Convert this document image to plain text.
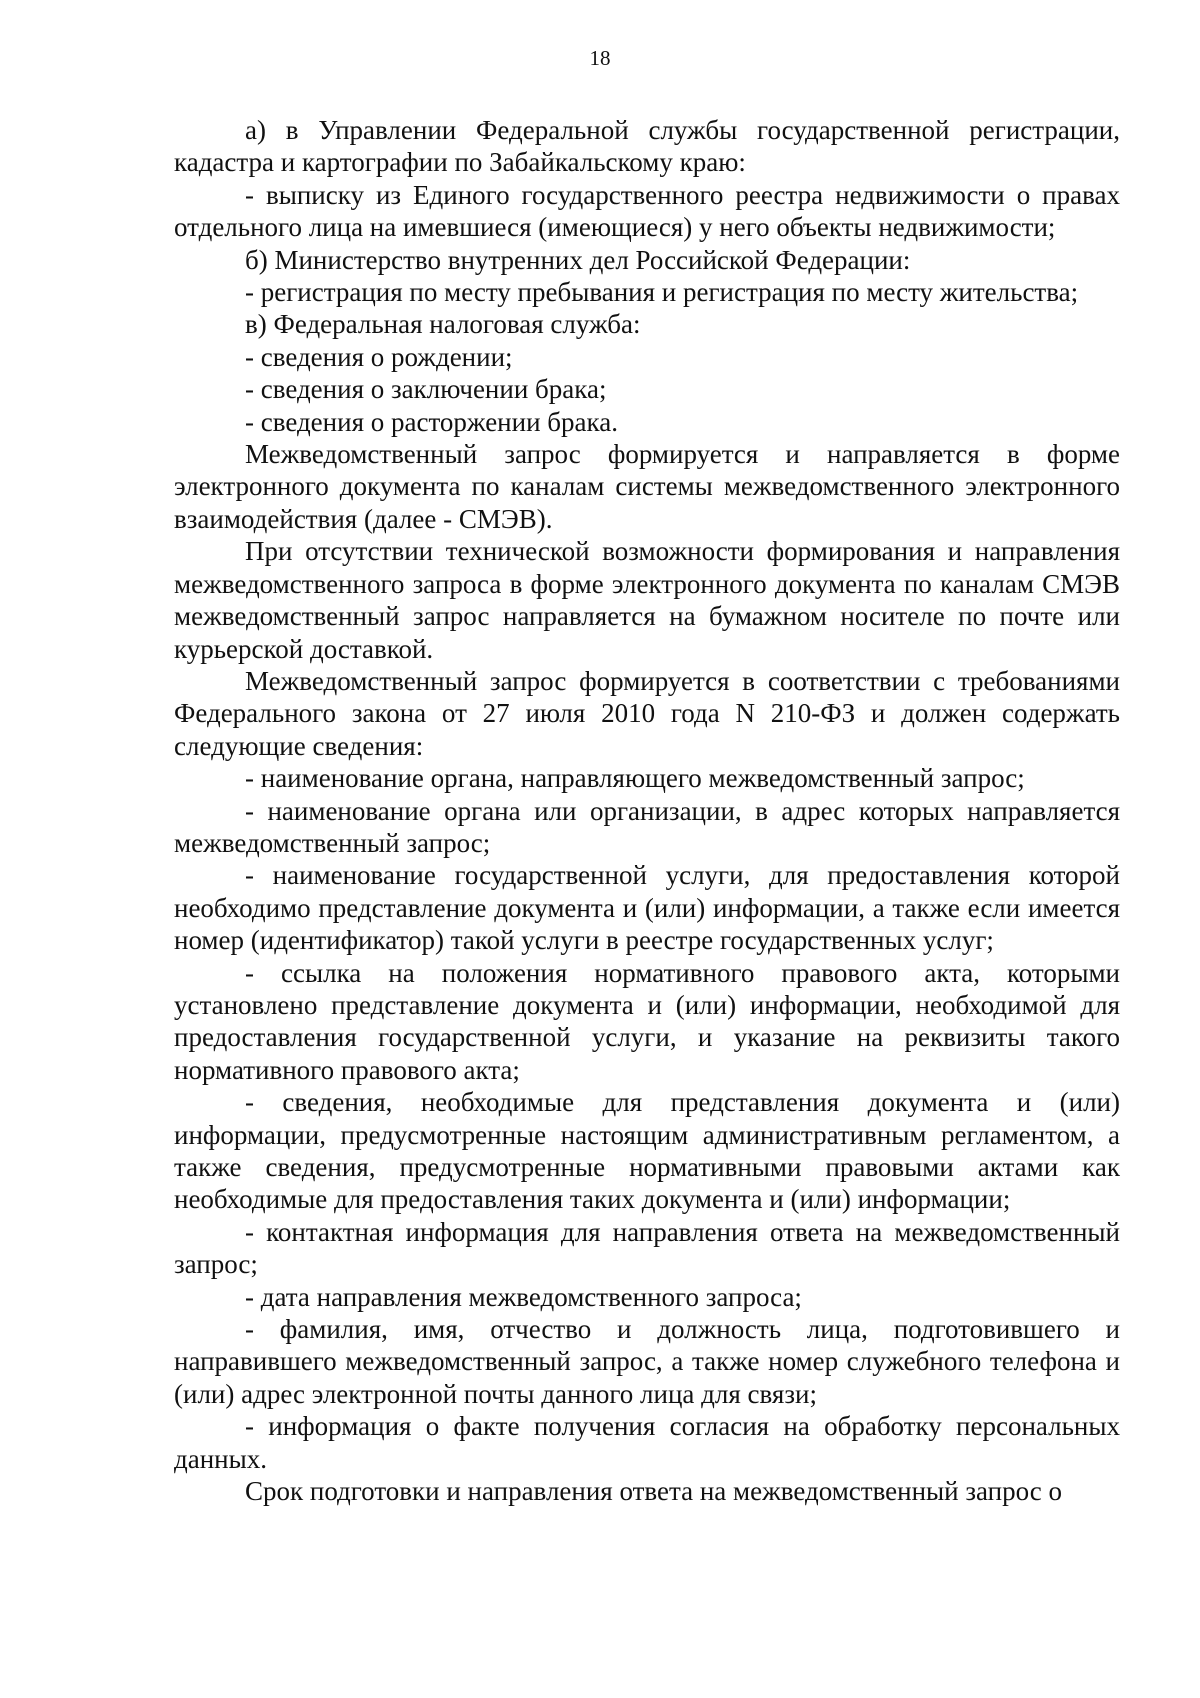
18

а) в Управлении Федеральной службы государственной регистрации, кадастра и картографии по Забайкальскому краю:

- выписку из Единого государственного реестра недвижимости о правах отдельного лица на имевшиеся (имеющиеся) у него объекты недвижимости;

б) Министерство внутренних дел Российской Федерации:

- регистрация по месту пребывания и регистрация по месту жительства;

в) Федеральная налоговая служба:

- сведения о рождении;

- сведения о заключении брака;

- сведения о расторжении брака.

Межведомственный запрос формируется и направляется в форме электронного документа по каналам системы межведомственного электронного взаимодействия (далее - СМЭВ).

При отсутствии технической возможности формирования и направления межведомственного запроса в форме электронного документа по каналам СМЭВ межведомственный запрос направляется на бумажном носителе по почте или курьерской доставкой.

Межведомственный запрос формируется в соответствии с требованиями Федерального закона от 27 июля 2010 года N 210-ФЗ и должен содержать следующие сведения:

- наименование органа, направляющего межведомственный запрос;

- наименование органа или организации, в адрес которых направляется межведомственный запрос;

- наименование государственной услуги, для предоставления которой необходимо представление документа и (или) информации, а также если имеется номер (идентификатор) такой услуги в реестре государственных услуг;

- ссылка на положения нормативного правового акта, которыми установлено представление документа и (или) информации, необходимой для предоставления государственной услуги, и указание на реквизиты такого нормативного правового акта;

- сведения, необходимые для представления документа и (или) информации, предусмотренные настоящим административным регламентом, а также сведения, предусмотренные нормативными правовыми актами как необходимые для предоставления таких документа и (или) информации;

- контактная информация для направления ответа на межведомственный запрос;

- дата направления межведомственного запроса;

- фамилия, имя, отчество и должность лица, подготовившего и направившего межведомственный запрос, а также номер служебного телефона и (или) адрес электронной почты данного лица для связи;

- информация о факте получения согласия на обработку персональных данных.

Срок подготовки и направления ответа на межведомственный запрос о
